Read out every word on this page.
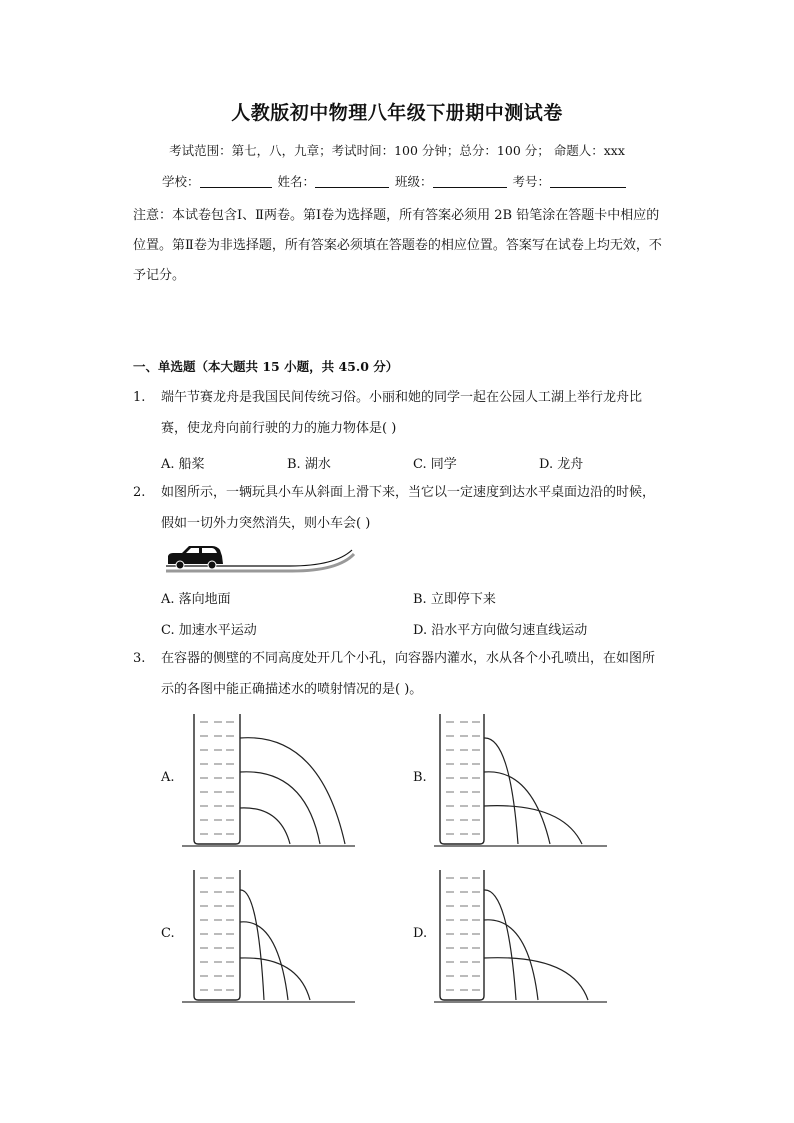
人教版初中物理八年级下册期中测试卷
考试范围：第七，八，九章；考试时间：100 分钟；总分：100 分； 命题人：xxx
学校：	姓名：	班级：	考号：
注意：本试卷包含Ⅰ、Ⅱ两卷。第Ⅰ卷为选择题，所有答案必须用 2B 铅笔涂在答题卡中相应的位置。第Ⅱ卷为非选择题，所有答案必须填在答题卷的相应位置。答案写在试卷上均无效，不予记分。
一、单选题（本大题共 15 小题，共 45.0 分）
1. 端午节赛龙舟是我国民间传统习俗。小丽和她的同学一起在公园人工湖上举行龙舟比赛，使龙舟向前行驶的力的施力物体是( )
A. 船桨	B. 湖水	C. 同学	D. 龙舟
2. 如图所示，一辆玩具小车从斜面上滑下来，当它以一定速度到达水平桌面边沿的时候，假如一切外力突然消失，则小车会( )
A. 落向地面	B. 立即停下来
C. 加速水平运动	D. 沿水平方向做匀速直线运动
3. 在容器的侧壁的不同高度处开几个小孔，向容器内灌水，水从各个小孔喷出，在如图所示的各图中能正确描述水的喷射情况的是( )。
A.	B.
C.	D.
